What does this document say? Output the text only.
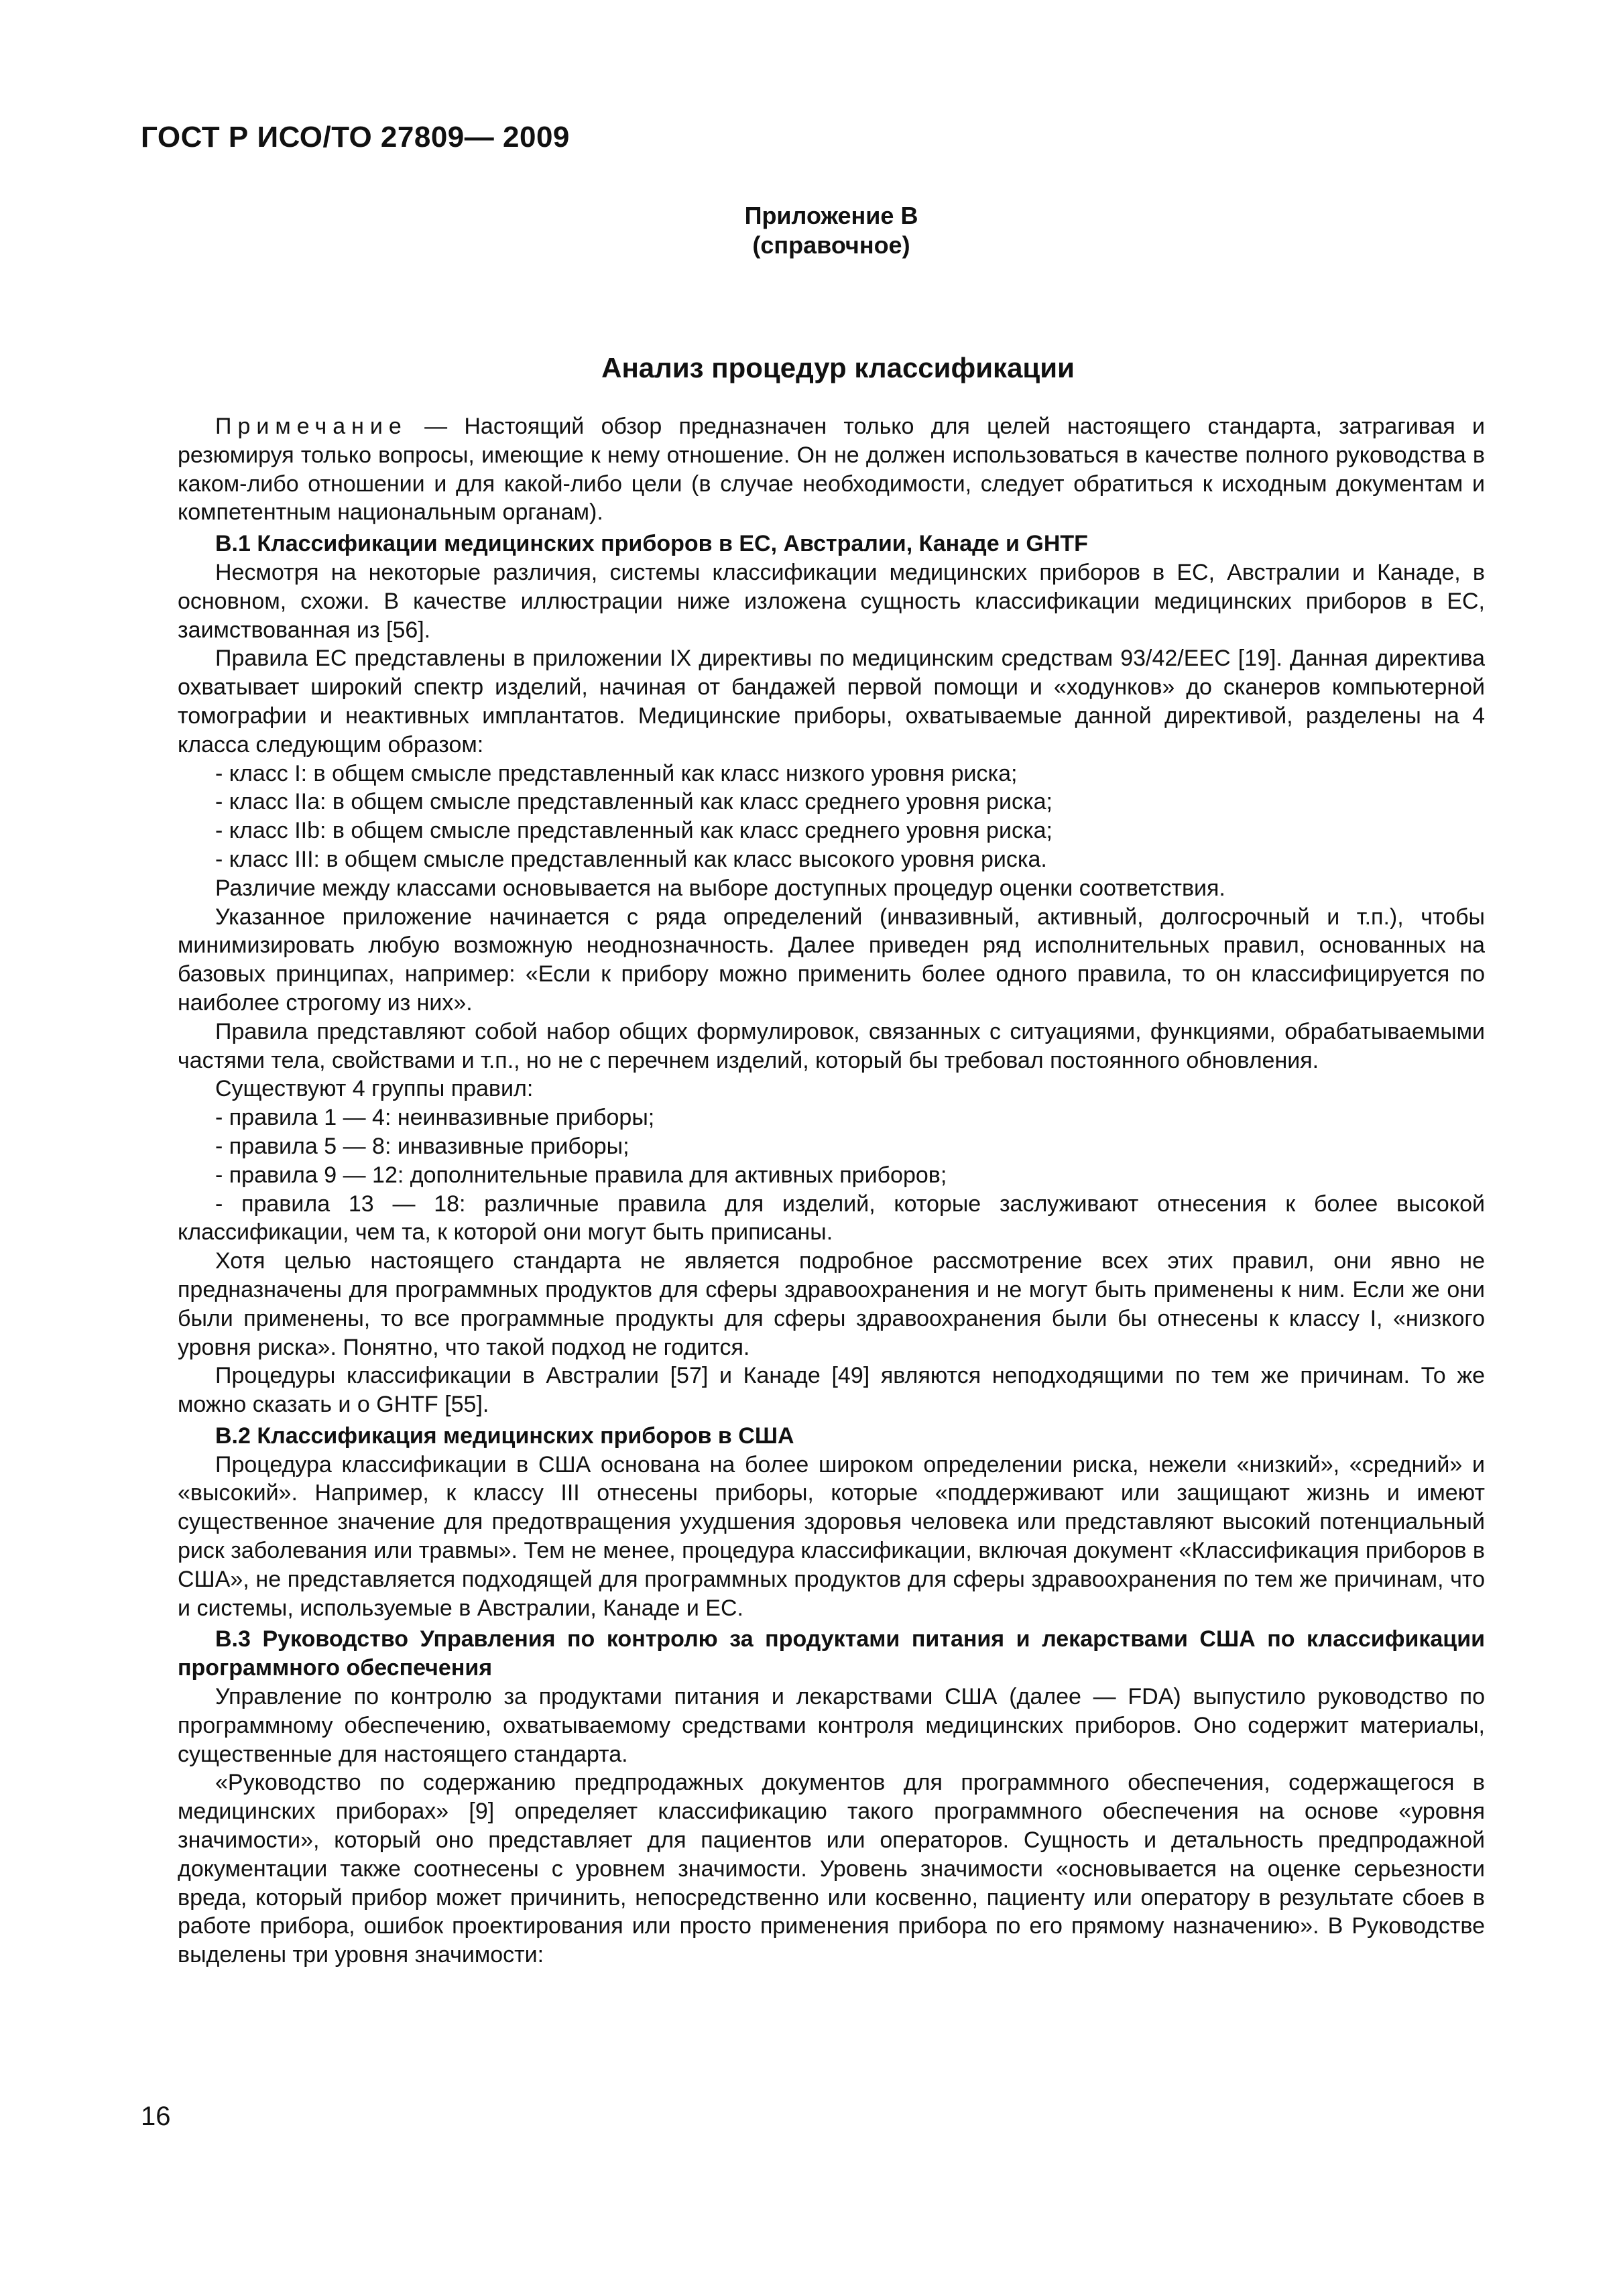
ГОСТ Р ИСО/ТО 27809— 2009
Приложение В
(справочное)
Анализ процедур классификации

Примечание — Настоящий обзор предназначен только для целей настоящего стандарта, затрагивая и резюмируя только вопросы, имеющие к нему отношение. Он не должен использоваться в качестве полного руководства в каком-либо отношении и для какой-либо цели (в случае необходимости, следует обратиться к исходным документам и компетентным национальным органам).

В.1 Классификации медицинских приборов в ЕС, Австралии, Канаде и GHTF

Несмотря на некоторые различия, системы классификации медицинских приборов в ЕС, Австралии и Канаде, в основном, схожи. В качестве иллюстрации ниже изложена сущность классификации медицинских приборов в ЕС, заимствованная из [56].

Правила ЕС представлены в приложении IX директивы по медицинским средствам 93/42/ЕЕС [19]. Данная директива охватывает широкий спектр изделий, начиная от бандажей первой помощи и «ходунков» до сканеров компьютерной томографии и неактивных имплантатов. Медицинские приборы, охватываемые данной директивой, разделены на 4 класса следующим образом:

- класс I: в общем смысле представленный как класс низкого уровня риска;

- класс IIa: в общем смысле представленный как класс среднего уровня риска;

- класс IIb: в общем смысле представленный как класс среднего уровня риска;

- класс III: в общем смысле представленный как класс высокого уровня риска.

Различие между классами основывается на выборе доступных процедур оценки соответствия.

Указанное приложение начинается с ряда определений (инвазивный, активный, долгосрочный и т.п.), чтобы минимизировать любую возможную неоднозначность. Далее приведен ряд исполнительных правил, основанных на базовых принципах, например: «Если к прибору можно применить более одного правила, то он классифицируется по наиболее строгому из них».

Правила представляют собой набор общих формулировок, связанных с ситуациями, функциями, обрабатываемыми частями тела, свойствами и т.п., но не с перечнем изделий, который бы требовал постоянного обновления.

Существуют 4 группы правил:

- правила 1 — 4: неинвазивные приборы;

- правила 5 — 8: инвазивные приборы;

- правила 9 — 12: дополнительные правила для активных приборов;

- правила 13 — 18: различные правила для изделий, которые заслуживают отнесения к более высокой классификации, чем та, к которой они могут быть приписаны.

Хотя целью настоящего стандарта не является подробное рассмотрение всех этих правил, они явно не предназначены для программных продуктов для сферы здравоохранения и не могут быть применены к ним. Если же они были применены, то все программные продукты для сферы здравоохранения были бы отнесены к классу I, «низкого уровня риска». Понятно, что такой подход не годится.

Процедуры классификации в Австралии [57] и Канаде [49] являются неподходящими по тем же причинам. То же можно сказать и о GHTF [55].

В.2 Классификация медицинских приборов в США

Процедура классификации в США основана на более широком определении риска, нежели «низкий», «средний» и «высокий». Например, к классу III отнесены приборы, которые «поддерживают или защищают жизнь и имеют существенное значение для предотвращения ухудшения здоровья человека или представляют высокий потенциальный риск заболевания или травмы». Тем не менее, процедура классификации, включая документ «Классификация приборов в США», не представляется подходящей для программных продуктов для сферы здравоохранения по тем же причинам, что и системы, используемые в Австралии, Канаде и ЕС.

В.3 Руководство Управления по контролю за продуктами питания и лекарствами США по классификации программного обеспечения

Управление по контролю за продуктами питания и лекарствами США (далее — FDA) выпустило руководство по программному обеспечению, охватываемому средствами контроля медицинских приборов. Оно содержит материалы, существенные для настоящего стандарта.

«Руководство по содержанию предпродажных документов для программного обеспечения, содержащегося в медицинских приборах» [9] определяет классификацию такого программного обеспечения на основе «уровня значимости», который оно представляет для пациентов или операторов. Сущность и детальность предпродажной документации также соотнесены с уровнем значимости. Уровень значимости «основывается на оценке серьезности вреда, который прибор может причинить, непосредственно или косвенно, пациенту или оператору в результате сбоев в работе прибора, ошибок проектирования или просто применения прибора по его прямому назначению». В Руководстве выделены три уровня значимости:

16
